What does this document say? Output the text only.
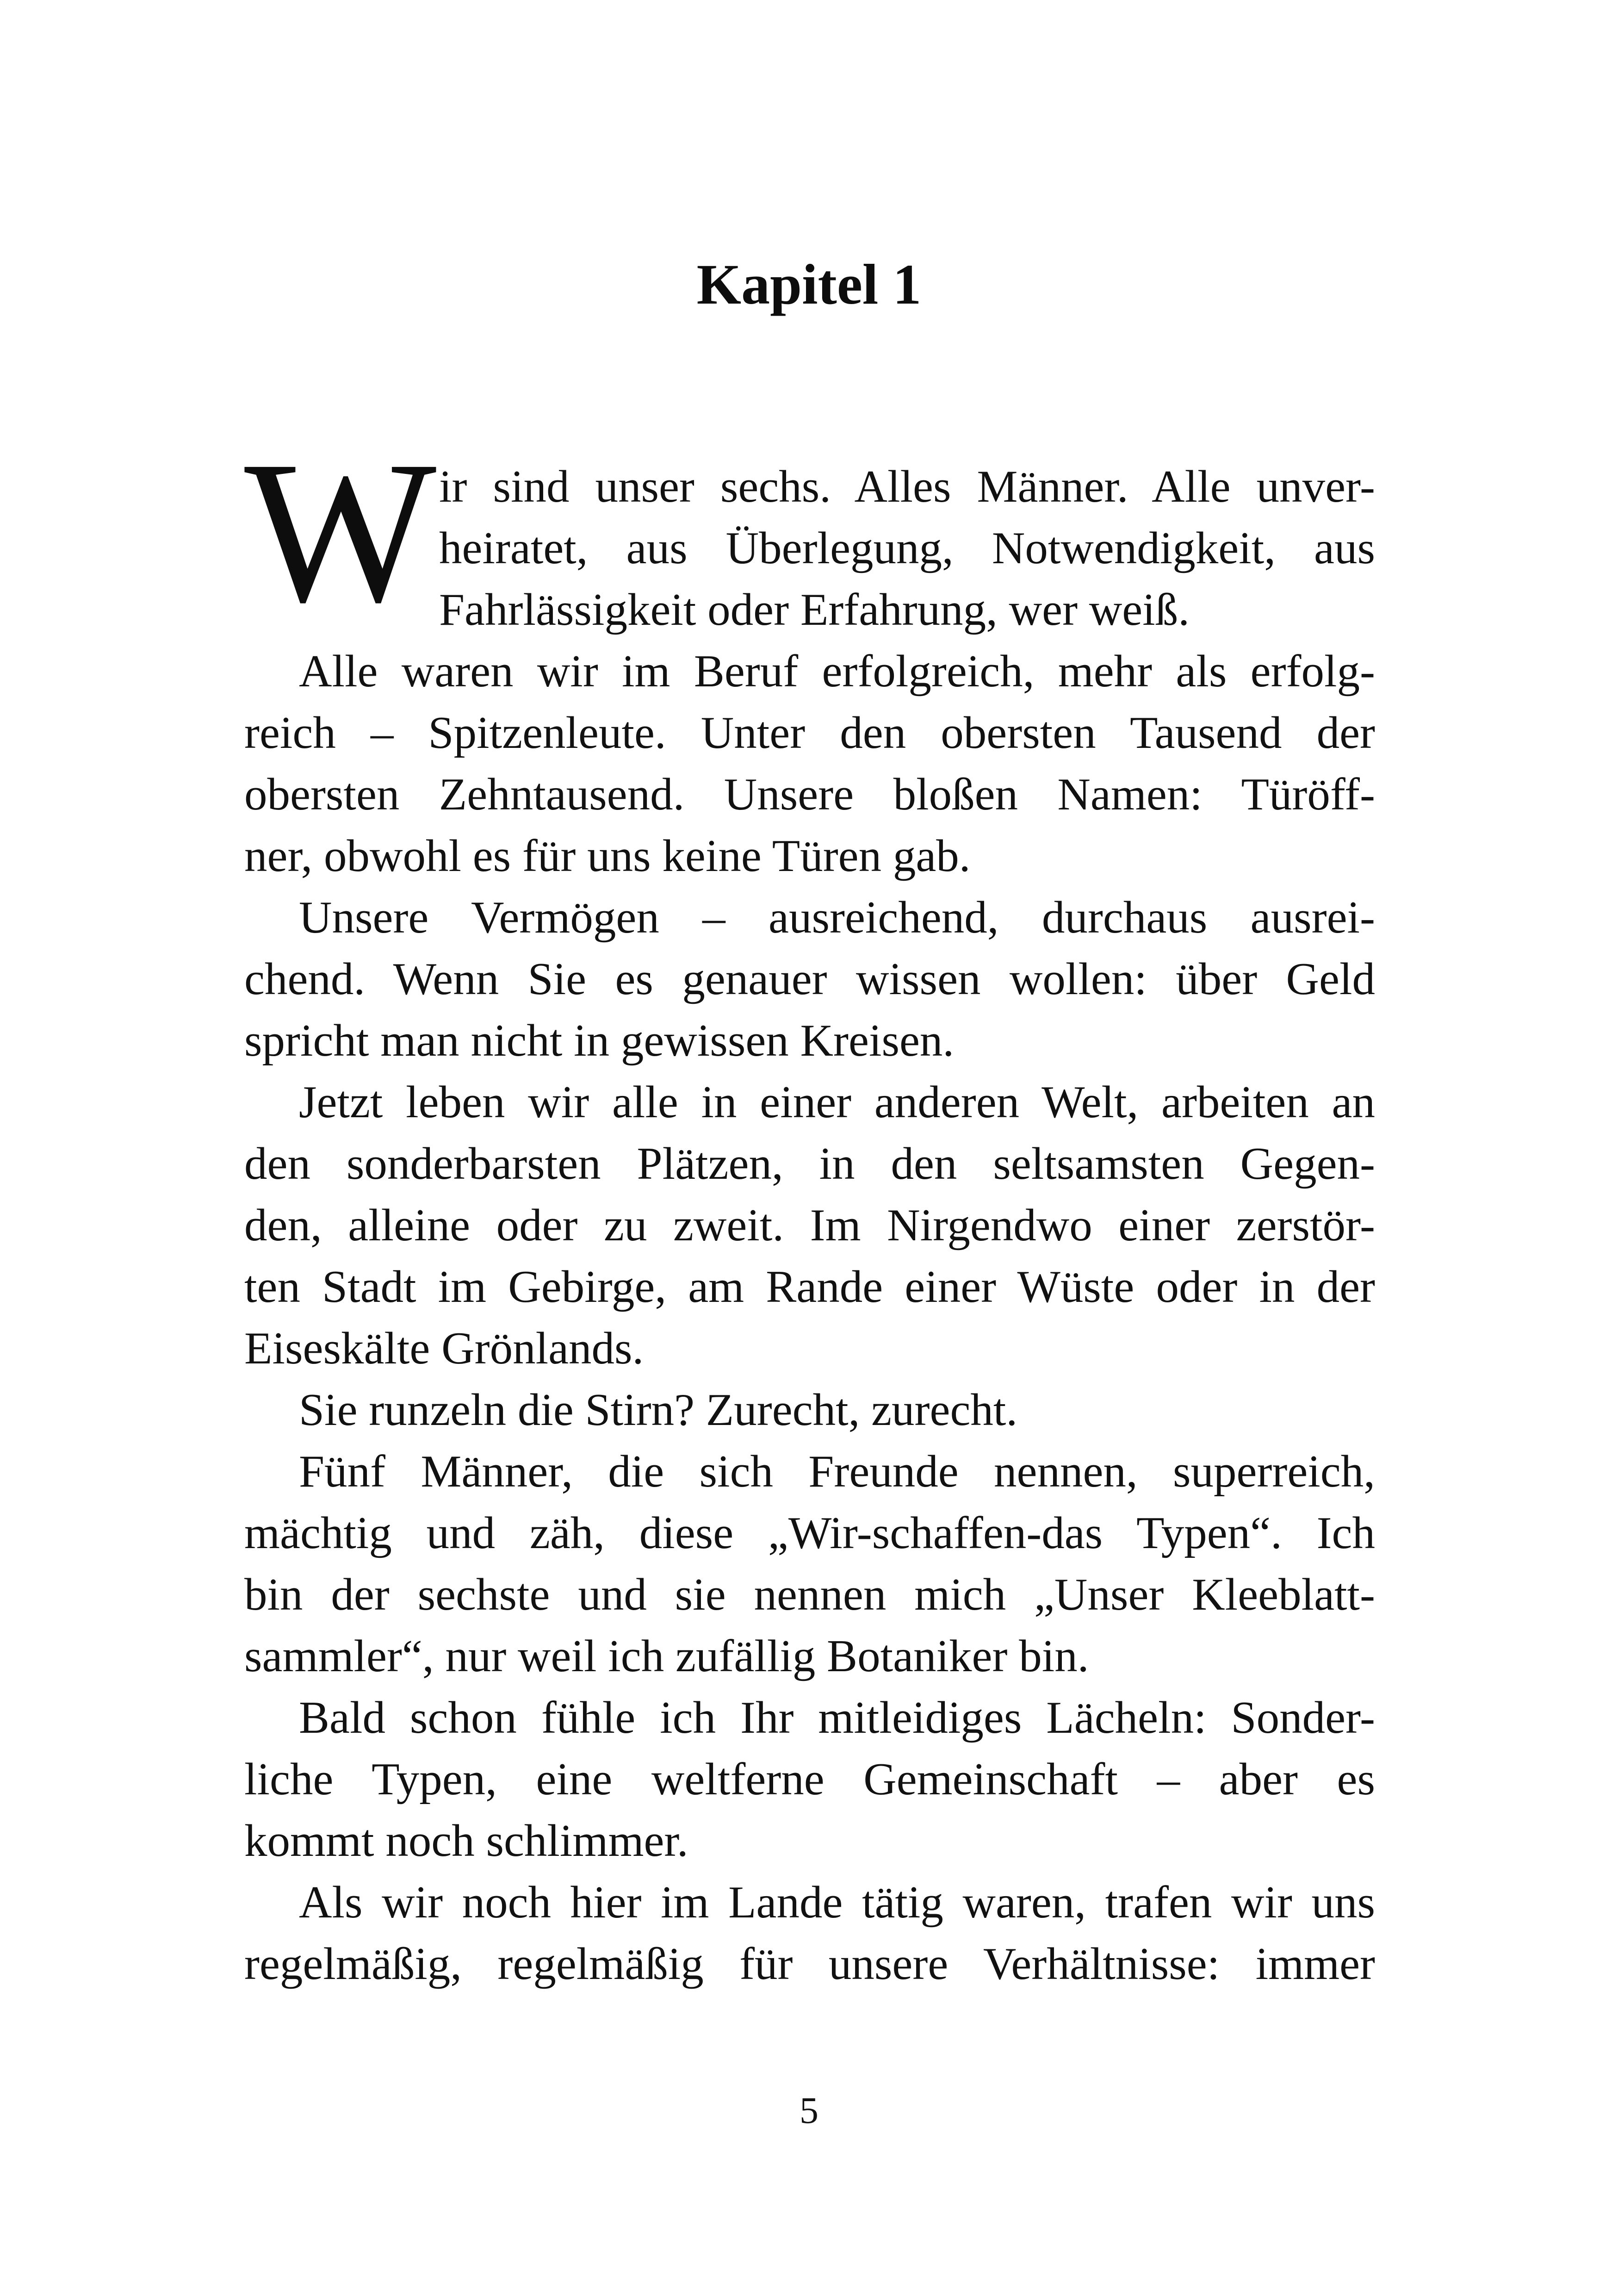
Kapitel 1
W ir sind unser sechs. Alles Männer. Alle unver-
heiratet, aus Überlegung, Notwendigkeit, aus
Fahrlässigkeit oder Erfahrung, wer weiß.
Alle waren wir im Beruf erfolgreich, mehr als erfolg-
reich – Spitzenleute. Unter den obersten Tausend der
obersten Zehntausend. Unsere bloßen Namen: Türöff-
ner, obwohl es für uns keine Türen gab.
Unsere Vermögen – ausreichend, durchaus ausrei-
chend. Wenn Sie es genauer wissen wollen: über Geld
spricht man nicht in gewissen Kreisen.
Jetzt leben wir alle in einer anderen Welt, arbeiten an
den sonderbarsten Plätzen, in den seltsamsten Gegen-
den, alleine oder zu zweit. Im Nirgendwo einer zerstör-
ten Stadt im Gebirge, am Rande einer Wüste oder in der
Eiseskälte Grönlands.
Sie runzeln die Stirn? Zurecht, zurecht.
Fünf Männer, die sich Freunde nennen, superreich,
mächtig und zäh, diese „Wir-schaffen-das Typen“. Ich
bin der sechste und sie nennen mich „Unser Kleeblatt-
sammler“, nur weil ich zufällig Botaniker bin.
Bald schon fühle ich Ihr mitleidiges Lächeln: Sonder-
liche Typen, eine weltferne Gemeinschaft – aber es
kommt noch schlimmer.
Als wir noch hier im Lande tätig waren, trafen wir uns
regelmäßig, regelmäßig für unsere Verhältnisse: immer
5
